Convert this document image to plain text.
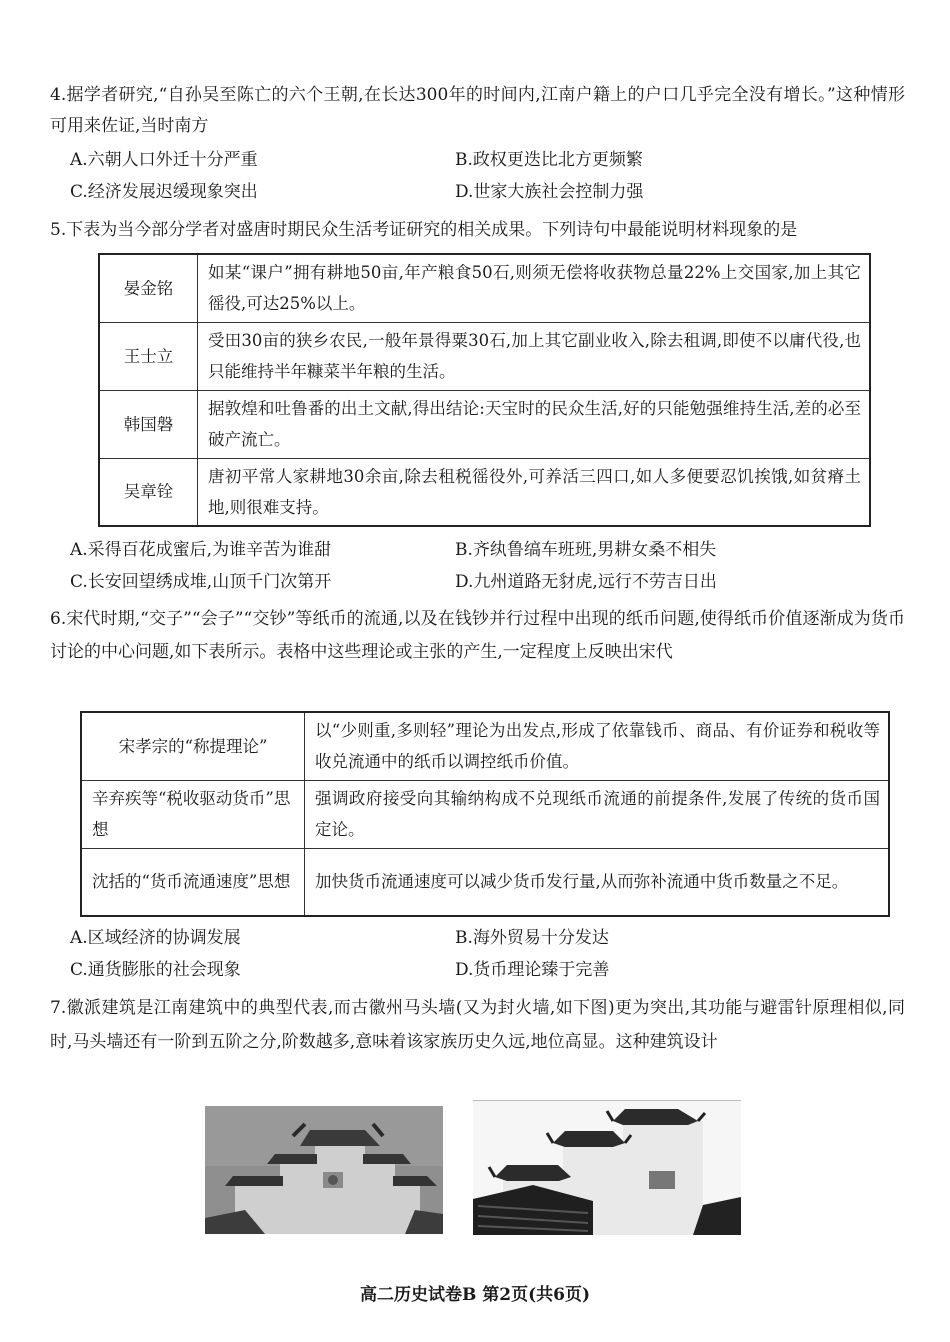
4.据学者研究,“自孙吴至陈亡的六个王朝,在长达300年的时间内,江南户籍上的户口几乎完全没有增长。”这种情形可用来佐证,当时南方

A.六朝人口外迁十分严重	B.政权更迭比北方更频繁
C.经济发展迟缓现象突出	D.世家大族社会控制力强

5.下表为当今部分学者对盛唐时期民众生活考证研究的相关成果。下列诗句中最能说明材料现象的是

晏金铭	如某“课户”拥有耕地50亩,年产粮食50石,则须无偿将收获物总量22%上交国家,加上其它徭役,可达25%以上。
王士立	受田30亩的狭乡农民,一般年景得粟30石,加上其它副业收入,除去租调,即使不以庸代役,也只能维持半年糠菜半年粮的生活。
韩国磐	据敦煌和吐鲁番的出土文献,得出结论:天宝时的民众生活,好的只能勉强维持生活,差的必至破产流亡。
吴章铨	唐初平常人家耕地30余亩,除去租税徭役外,可养活三四口,如人多便要忍饥挨饿,如贫瘠土地,则很难支持。
A.采得百花成蜜后,为谁辛苦为谁甜	B.齐纨鲁缟车班班,男耕女桑不相失
C.长安回望绣成堆,山顶千门次第开	D.九州道路无豺虎,远行不劳吉日出

6.宋代时期,“交子”“会子”“交钞”等纸币的流通,以及在钱钞并行过程中出现的纸币问题,使得纸币价值逐渐成为货币讨论的中心问题,如下表所示。表格中这些理论或主张的产生,一定程度上反映出宋代

宋孝宗的“称提理论”	以“少则重,多则轻”理论为出发点,形成了依靠钱币、商品、有价证券和税收等收兑流通中的纸币以调控纸币价值。
辛弃疾等“税收驱动货币”思想	强调政府接受向其输纳构成不兑现纸币流通的前提条件,发展了传统的货币国定论。
沈括的“货币流通速度”思想	加快货币流通速度可以减少货币发行量,从而弥补流通中货币数量之不足。
A.区域经济的协调发展	B.海外贸易十分发达
C.通货膨胀的社会现象	D.货币理论臻于完善

7.徽派建筑是江南建筑中的典型代表,而古徽州马头墙(又为封火墙,如下图)更为突出,其功能与避雷针原理相似,同时,马头墙还有一阶到五阶之分,阶数越多,意味着该家族历史久远,地位高显。这种建筑设计

高二历史试卷B 第2页(共6页)
